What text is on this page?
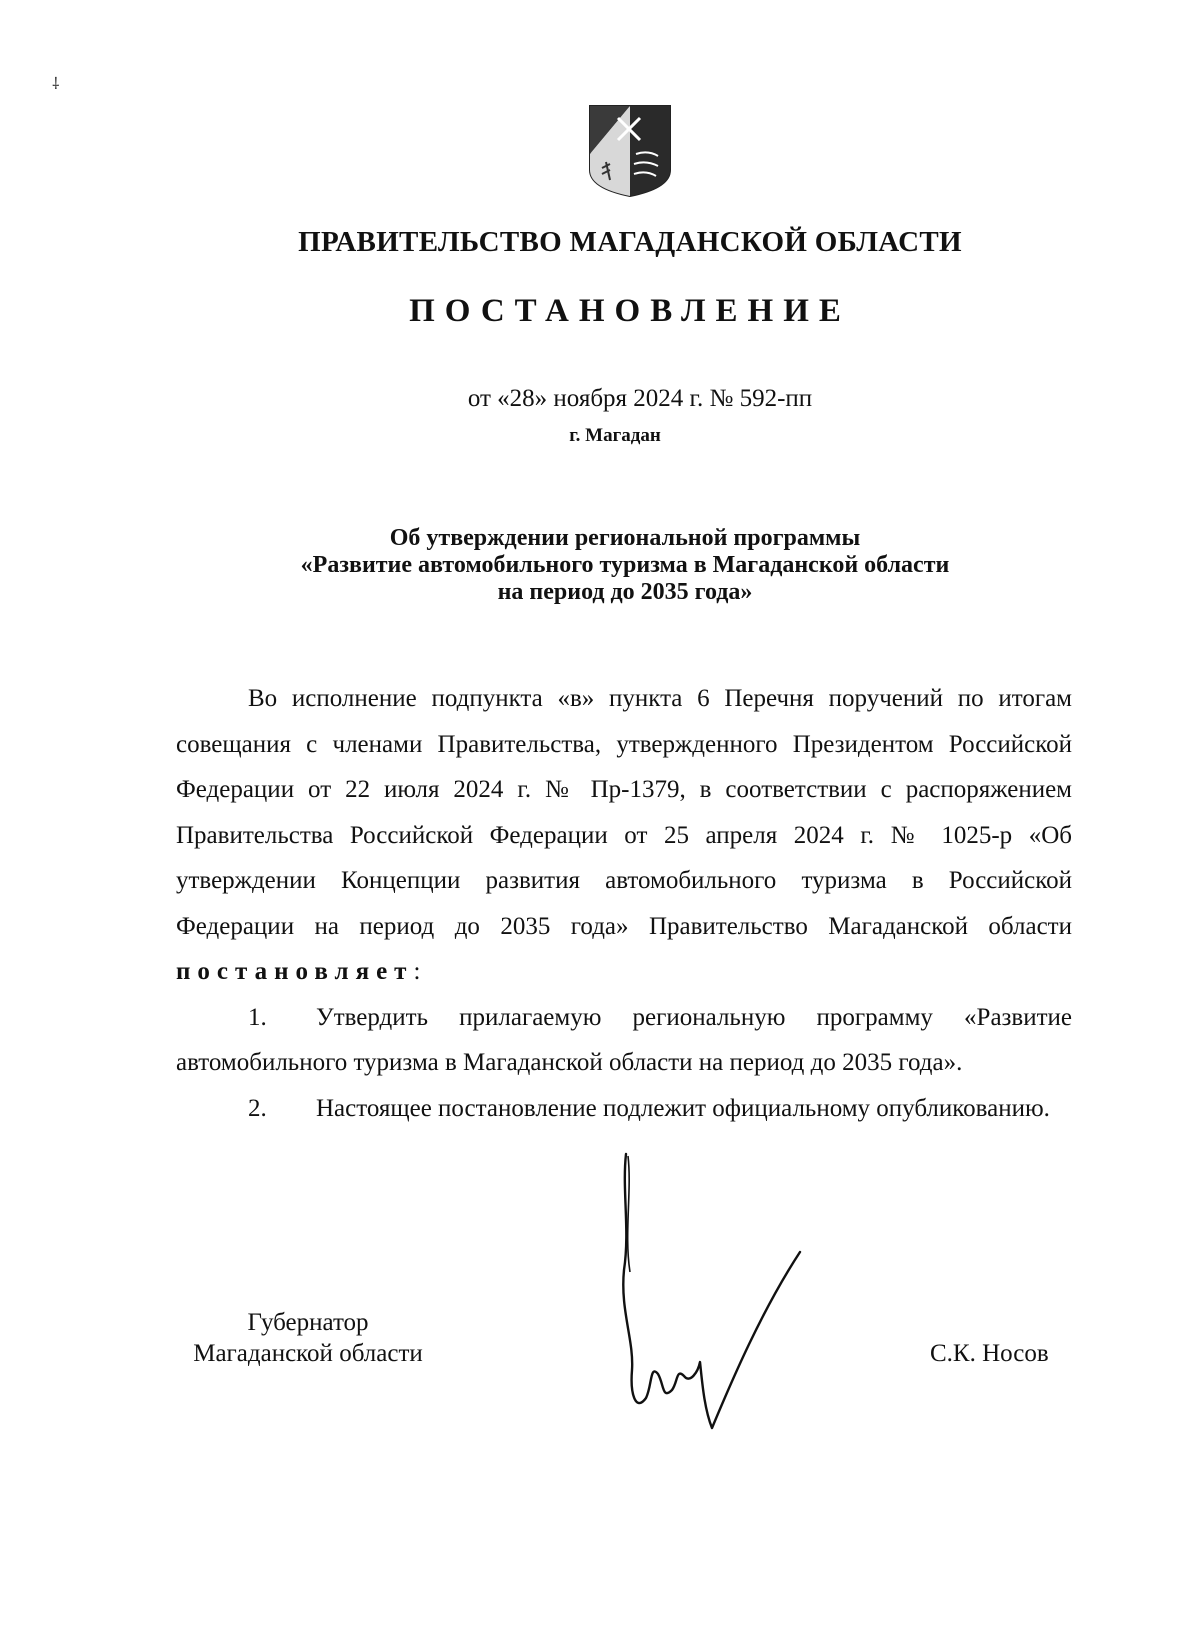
⸸
ПРАВИТЕЛЬСТВО МАГАДАНСКОЙ ОБЛАСТИ
ПОСТАНОВЛЕНИЕ
от «28» ноября 2024 г. № 592-пп
г. Магадан
Об утверждении региональной программы
«Развитие автомобильного туризма в Магаданской области
на период до 2035 года»

Во исполнение подпункта «в» пункта 6 Перечня поручений по итогам совещания с членами Правительства, утвержденного Президентом Российской Федерации от 22 июля 2024 г. № Пр-1379, в соответствии с распоряжением Правительства Российской Федерации от 25 апреля 2024 г. № 1025-р «Об утверждении Концепции развития автомобильного туризма в Российской Федерации на период до 2035 года» Правительство Магаданской области постановляет:

1. Утвердить прилагаемую региональную программу «Развитие автомобильного туризма в Магаданской области на период до 2035 года».

2. Настоящее постановление подлежит официальному опубликованию.

Губернатор
Магаданской области	С.К. Носов
